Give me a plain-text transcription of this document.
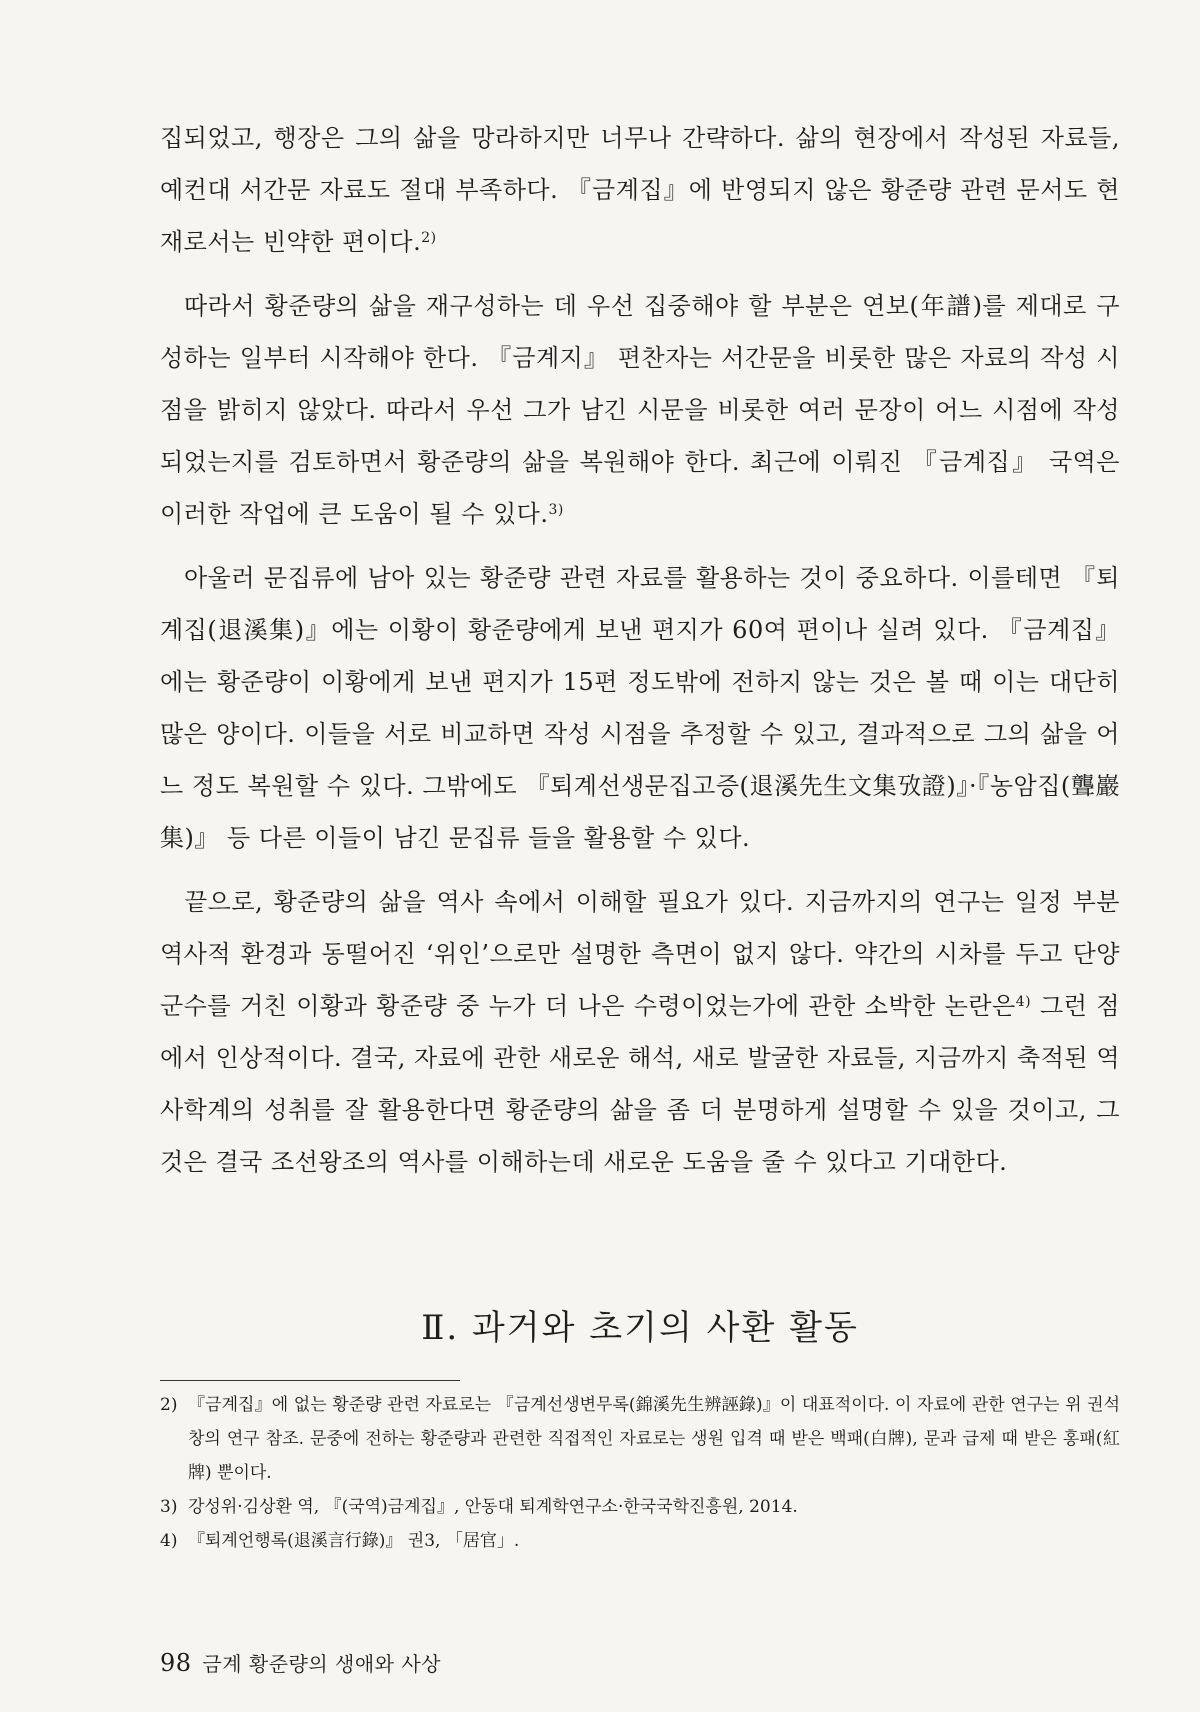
집되었고, 행장은 그의 삶을 망라하지만 너무나 간략하다. 삶의 현장에서 작성된 자료들, 예컨대 서간문 자료도 절대 부족하다. 『금계집』에 반영되지 않은 황준량 관련 문서도 현재로서는 빈약한 편이다.$^{2)}$

따라서 황준량의 삶을 재구성하는 데 우선 집중해야 할 부분은 연보(年譜)를 제대로 구성하는 일부터 시작해야 한다. 『금계지』 편찬자는 서간문을 비롯한 많은 자료의 작성 시점을 밝히지 않았다. 따라서 우선 그가 남긴 시문을 비롯한 여러 문장이 어느 시점에 작성되었는지를 검토하면서 황준량의 삶을 복원해야 한다. 최근에 이뤄진 『금계집』 국역은 이러한 작업에 큰 도움이 될 수 있다.$^{3)}$

아울러 문집류에 남아 있는 황준량 관련 자료를 활용하는 것이 중요하다. 이를테면 『퇴계집(退溪集)』에는 이황이 황준량에게 보낸 편지가 60여 편이나 실려 있다. 『금계집』에는 황준량이 이황에게 보낸 편지가 15편 정도밖에 전하지 않는 것은 볼 때 이는 대단히 많은 양이다. 이들을 서로 비교하면 작성 시점을 추정할 수 있고, 결과적으로 그의 삶을 어느 정도 복원할 수 있다. 그밖에도 『퇴계선생문집고증(退溪先生文集攷證)』·『농암집(聾巖集)』 등 다른 이들이 남긴 문집류 들을 활용할 수 있다.

끝으로, 황준량의 삶을 역사 속에서 이해할 필요가 있다. 지금까지의 연구는 일정 부분 역사적 환경과 동떨어진 ‘위인’으로만 설명한 측면이 없지 않다. 약간의 시차를 두고 단양 군수를 거친 이황과 황준량 중 누가 더 나은 수령이었는가에 관한 소박한 논란은$^{4)}$ 그런 점에서 인상적이다. 결국, 자료에 관한 새로운 해석, 새로 발굴한 자료들, 지금까지 축적된 역사학계의 성취를 잘 활용한다면 황준량의 삶을 좀 더 분명하게 설명할 수 있을 것이고, 그것은 결국 조선왕조의 역사를 이해하는데 새로운 도움을 줄 수 있다고 기대한다.

Ⅱ. 과거와 초기의 사환 활동
2) 『금계집』에 없는 황준량 관련 자료로는 『금계선생변무록(錦溪先生辨誣錄)』이 대표적이다. 이 자료에 관한 연구는 위 권석창의 연구 참조. 문중에 전하는 황준량과 관련한 직접적인 자료로는 생원 입격 때 받은 백패(白牌), 문과 급제 때 받은 홍패(紅牌) 뿐이다.
3) 강성위·김상환 역, 『(국역)금계집』, 안동대 퇴계학연구소·한국국학진흥원, 2014.
4) 『퇴계언행록(退溪言行錄)』 권3, 「居官」.
98 금계 황준량의 생애와 사상
